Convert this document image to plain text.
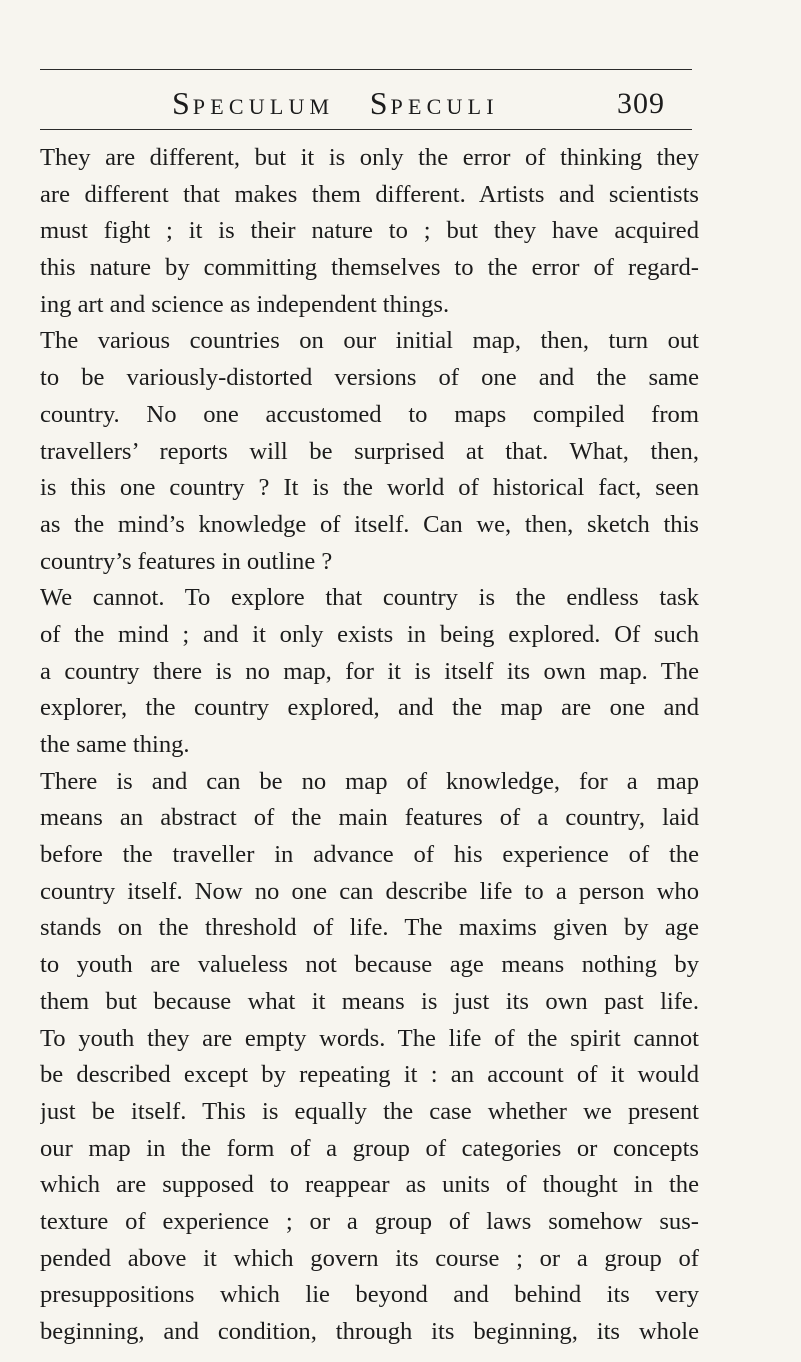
SPECULUM SPECULI	309
They are different, but it is only the error of thinking they
are different that makes them different. Artists and scientists
must fight ; it is their nature to ; but they have acquired
this nature by committing themselves to the error of regard-
ing art and science as independent things.
The various countries on our initial map, then, turn out
to be variously-distorted versions of one and the same
country. No one accustomed to maps compiled from
travellers’ reports will be surprised at that. What, then,
is this one country ? It is the world of historical fact, seen
as the mind’s knowledge of itself. Can we, then, sketch this
country’s features in outline ?
We cannot. To explore that country is the endless task
of the mind ; and it only exists in being explored. Of such
a country there is no map, for it is itself its own map. The
explorer, the country explored, and the map are one and
the same thing.
There is and can be no map of knowledge, for a map
means an abstract of the main features of a country, laid
before the traveller in advance of his experience of the
country itself. Now no one can describe life to a person who
stands on the threshold of life. The maxims given by age
to youth are valueless not because age means nothing by
them but because what it means is just its own past life.
To youth they are empty words. The life of the spirit cannot
be described except by repeating it : an account of it would
just be itself. This is equally the case whether we present
our map in the form of a group of categories or concepts
which are supposed to reappear as units of thought in the
texture of experience ; or a group of laws somehow sus-
pended above it which govern its course ; or a group of
presuppositions which lie beyond and behind its very
beginning, and condition, through its beginning, its whole
